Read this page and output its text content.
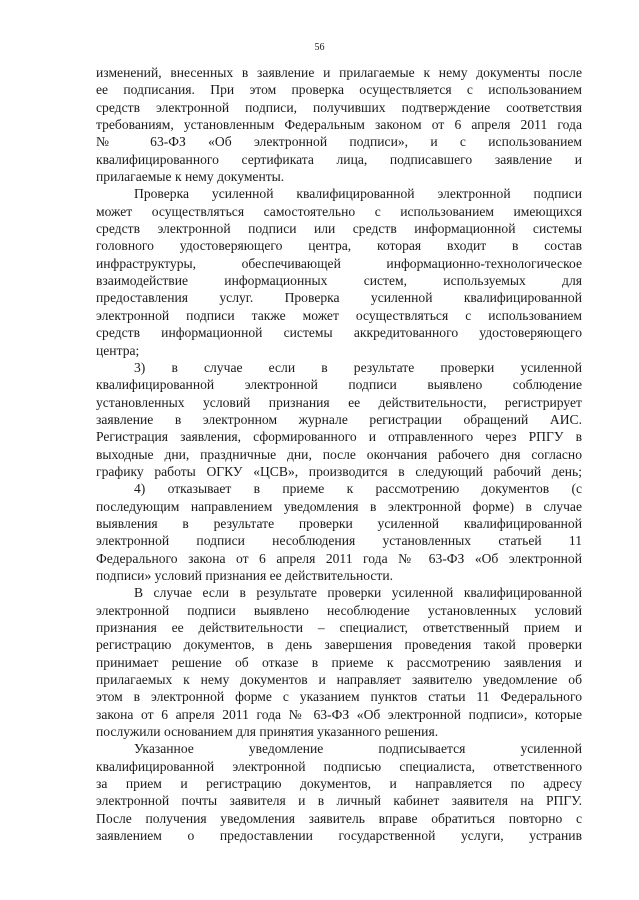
56
изменений, внесенных в заявление и прилагаемые к нему документы после
ее подписания. При этом проверка осуществляется с использованием
средств электронной подписи, получивших подтверждение соответствия
требованиям, установленным Федеральным законом от 6 апреля 2011 года
№ 63-ФЗ «Об электронной подписи», и с использованием
квалифицированного сертификата лица, подписавшего заявление и
прилагаемые к нему документы.
Проверка усиленной квалифицированной электронной подписи
может осуществляться самостоятельно с использованием имеющихся
средств электронной подписи или средств информационной системы
головного удостоверяющего центра, которая входит в состав
инфраструктуры, обеспечивающей информационно-технологическое
взаимодействие информационных систем, используемых для
предоставления услуг. Проверка усиленной квалифицированной
электронной подписи также может осуществляться с использованием
средств информационной системы аккредитованного удостоверяющего
центра;
3) в случае если в результате проверки усиленной
квалифицированной электронной подписи выявлено соблюдение
установленных условий признания ее действительности, регистрирует
заявление в электронном журнале регистрации обращений АИС.
Регистрация заявления, сформированного и отправленного через РПГУ в
выходные дни, праздничные дни, после окончания рабочего дня согласно
графику работы ОГКУ «ЦСВ», производится в следующий рабочий день;
4) отказывает в приеме к рассмотрению документов (с
последующим направлением уведомления в электронной форме) в случае
выявления в результате проверки усиленной квалифицированной
электронной подписи несоблюдения установленных статьей 11
Федерального закона от 6 апреля 2011 года № 63-ФЗ «Об электронной
подписи» условий признания ее действительности.
В случае если в результате проверки усиленной квалифицированной
электронной подписи выявлено несоблюдение установленных условий
признания ее действительности – специалист, ответственный прием и
регистрацию документов, в день завершения проведения такой проверки
принимает решение об отказе в приеме к рассмотрению заявления и
прилагаемых к нему документов и направляет заявителю уведомление об
этом в электронной форме с указанием пунктов статьи 11 Федерального
закона от 6 апреля 2011 года № 63-ФЗ «Об электронной подписи», которые
послужили основанием для принятия указанного решения.
Указанное уведомление подписывается усиленной
квалифицированной электронной подписью специалиста, ответственного
за прием и регистрацию документов, и направляется по адресу
электронной почты заявителя и в личный кабинет заявителя на РПГУ.
После получения уведомления заявитель вправе обратиться повторно с
заявлением о предоставлении государственной услуги, устранив
